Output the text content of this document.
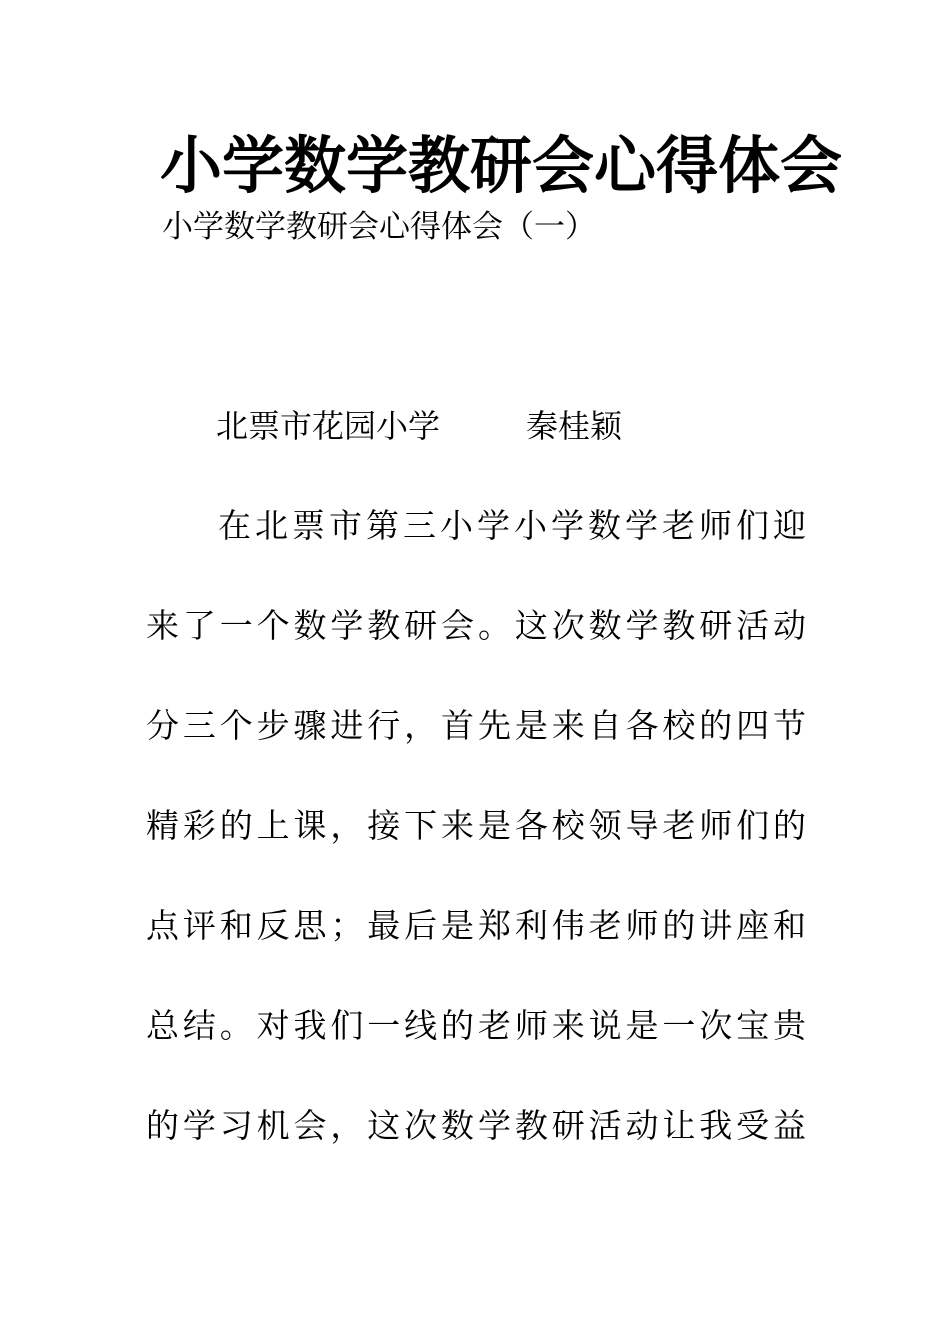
小学数学教研会心得体会
小学数学教研会心得体会（一）
北票市花园小学	秦桂颖
在北票市第三小学小学数学老师们迎
来了一个数学教研会。这次数学教研活动
分三个步骤进行，首先是来自各校的四节
精彩的上课，接下来是各校领导老师们的
点评和反思；最后是郑利伟老师的讲座和
总结。对我们一线的老师来说是一次宝贵
的学习机会，这次数学教研活动让我受益
